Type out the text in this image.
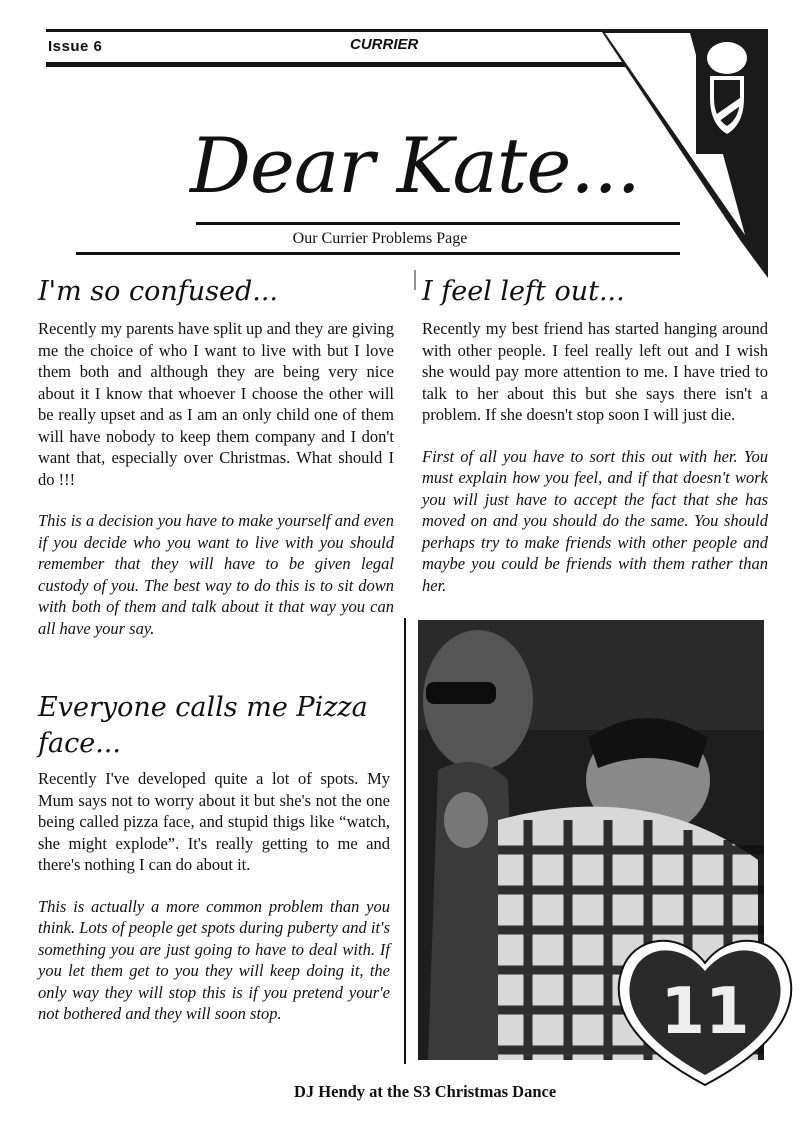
Issue 6	CURRIER
Dear Kate...
Our Currier Problems Page
I'm so confused...

Recently my parents have split up and they are giving me the choice of who I want to live with but I love them both and although they are being very nice about it I know that whoever I choose the other will be really upset and as I am an only child one of them will have nobody to keep them company and I don't want that, especially over Christmas. What should I do !!!

This is a decision you have to make yourself and even if you decide who you want to live with you should remember that they will have to be given legal custody of you. The best way to do this is to sit down with both of them and talk about it that way you can all have your say.

Everyone calls me Pizza
face...

Recently I've developed quite a lot of spots. My Mum says not to worry about it but she's not the one being called pizza face, and stupid thigs like “watch, she might explode”. It's really getting to me and there's nothing I can do about it.

This is actually a more common problem than you think. Lots of people get spots during puberty and it's something you are just going to have to deal with. If you let them get to you they will keep doing it, the only way they will stop this is if you pretend your'e not bothered and they will soon stop.

I feel left out...

Recently my best friend has started hanging around with other people. I feel really left out and I wish she would pay more attention to me. I have tried to talk to her about this but she says there isn't a problem. If she doesn't stop soon I will just die.

First of all you have to sort this out with her. You must explain how you feel, and if that doesn't work you will just have to accept the fact that she has moved on and you should do the same. You should perhaps try to make friends with other people and maybe you could be friends with them rather than her.

11
DJ Hendy at the S3 Christmas Dance
